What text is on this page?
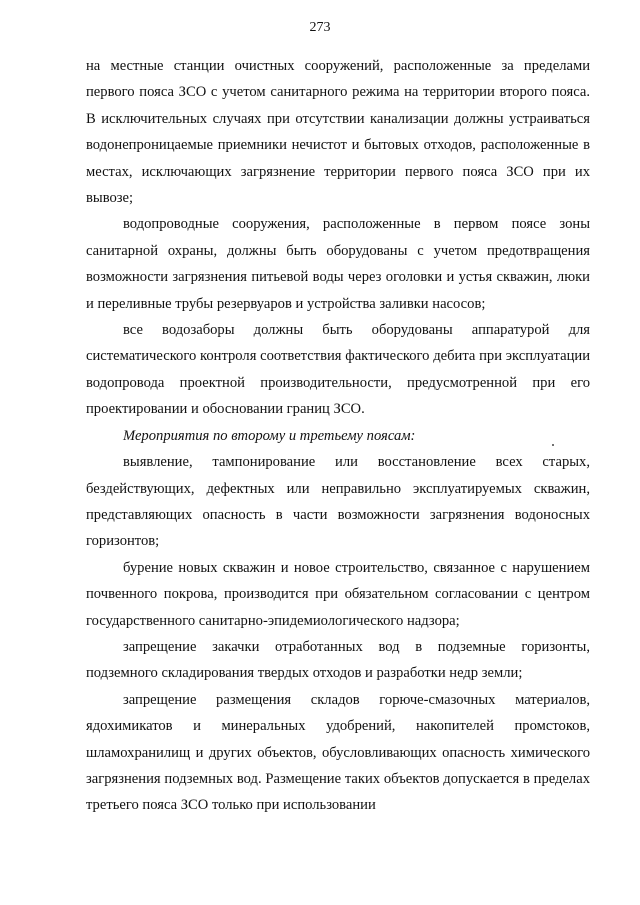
273

на местные станции очистных сооружений, расположенные за пределами первого пояса ЗСО с учетом санитарного режима на территории второго пояса. В исключительных случаях при отсутствии канализации должны устраиваться водонепроницаемые приемники нечистот и бытовых отходов, расположенные в местах, исключающих загрязнение территории первого пояса ЗСО при их вывозе;

водопроводные сооружения, расположенные в первом поясе зоны санитарной охраны, должны быть оборудованы с учетом предотвращения возможности загрязнения питьевой воды через оголовки и устья скважин, люки и переливные трубы резервуаров и устройства заливки насосов;

все водозаборы должны быть оборудованы аппаратурой для систематического контроля соответствия фактического дебита при эксплуатации водопровода проектной производительности, предусмотренной при его проектировании и обосновании границ ЗСО.

Мероприятия по второму и третьему поясам:

выявление, тампонирование или восстановление всех старых, бездействующих, дефектных или неправильно эксплуатируемых скважин, представляющих опасность в части возможности загрязнения водоносных горизонтов;

бурение новых скважин и новое строительство, связанное с нарушением почвенного покрова, производится при обязательном согласовании с центром государственного санитарно-эпидемиологического надзора;

запрещение закачки отработанных вод в подземные горизонты, подземного складирования твердых отходов и разработки недр земли;

запрещение размещения складов горюче-смазочных материалов, ядохимикатов и минеральных удобрений, накопителей промстоков, шламохранилищ и других объектов, обусловливающих опасность химического загрязнения подземных вод. Размещение таких объектов допускается в пределах третьего пояса ЗСО только при использовании
